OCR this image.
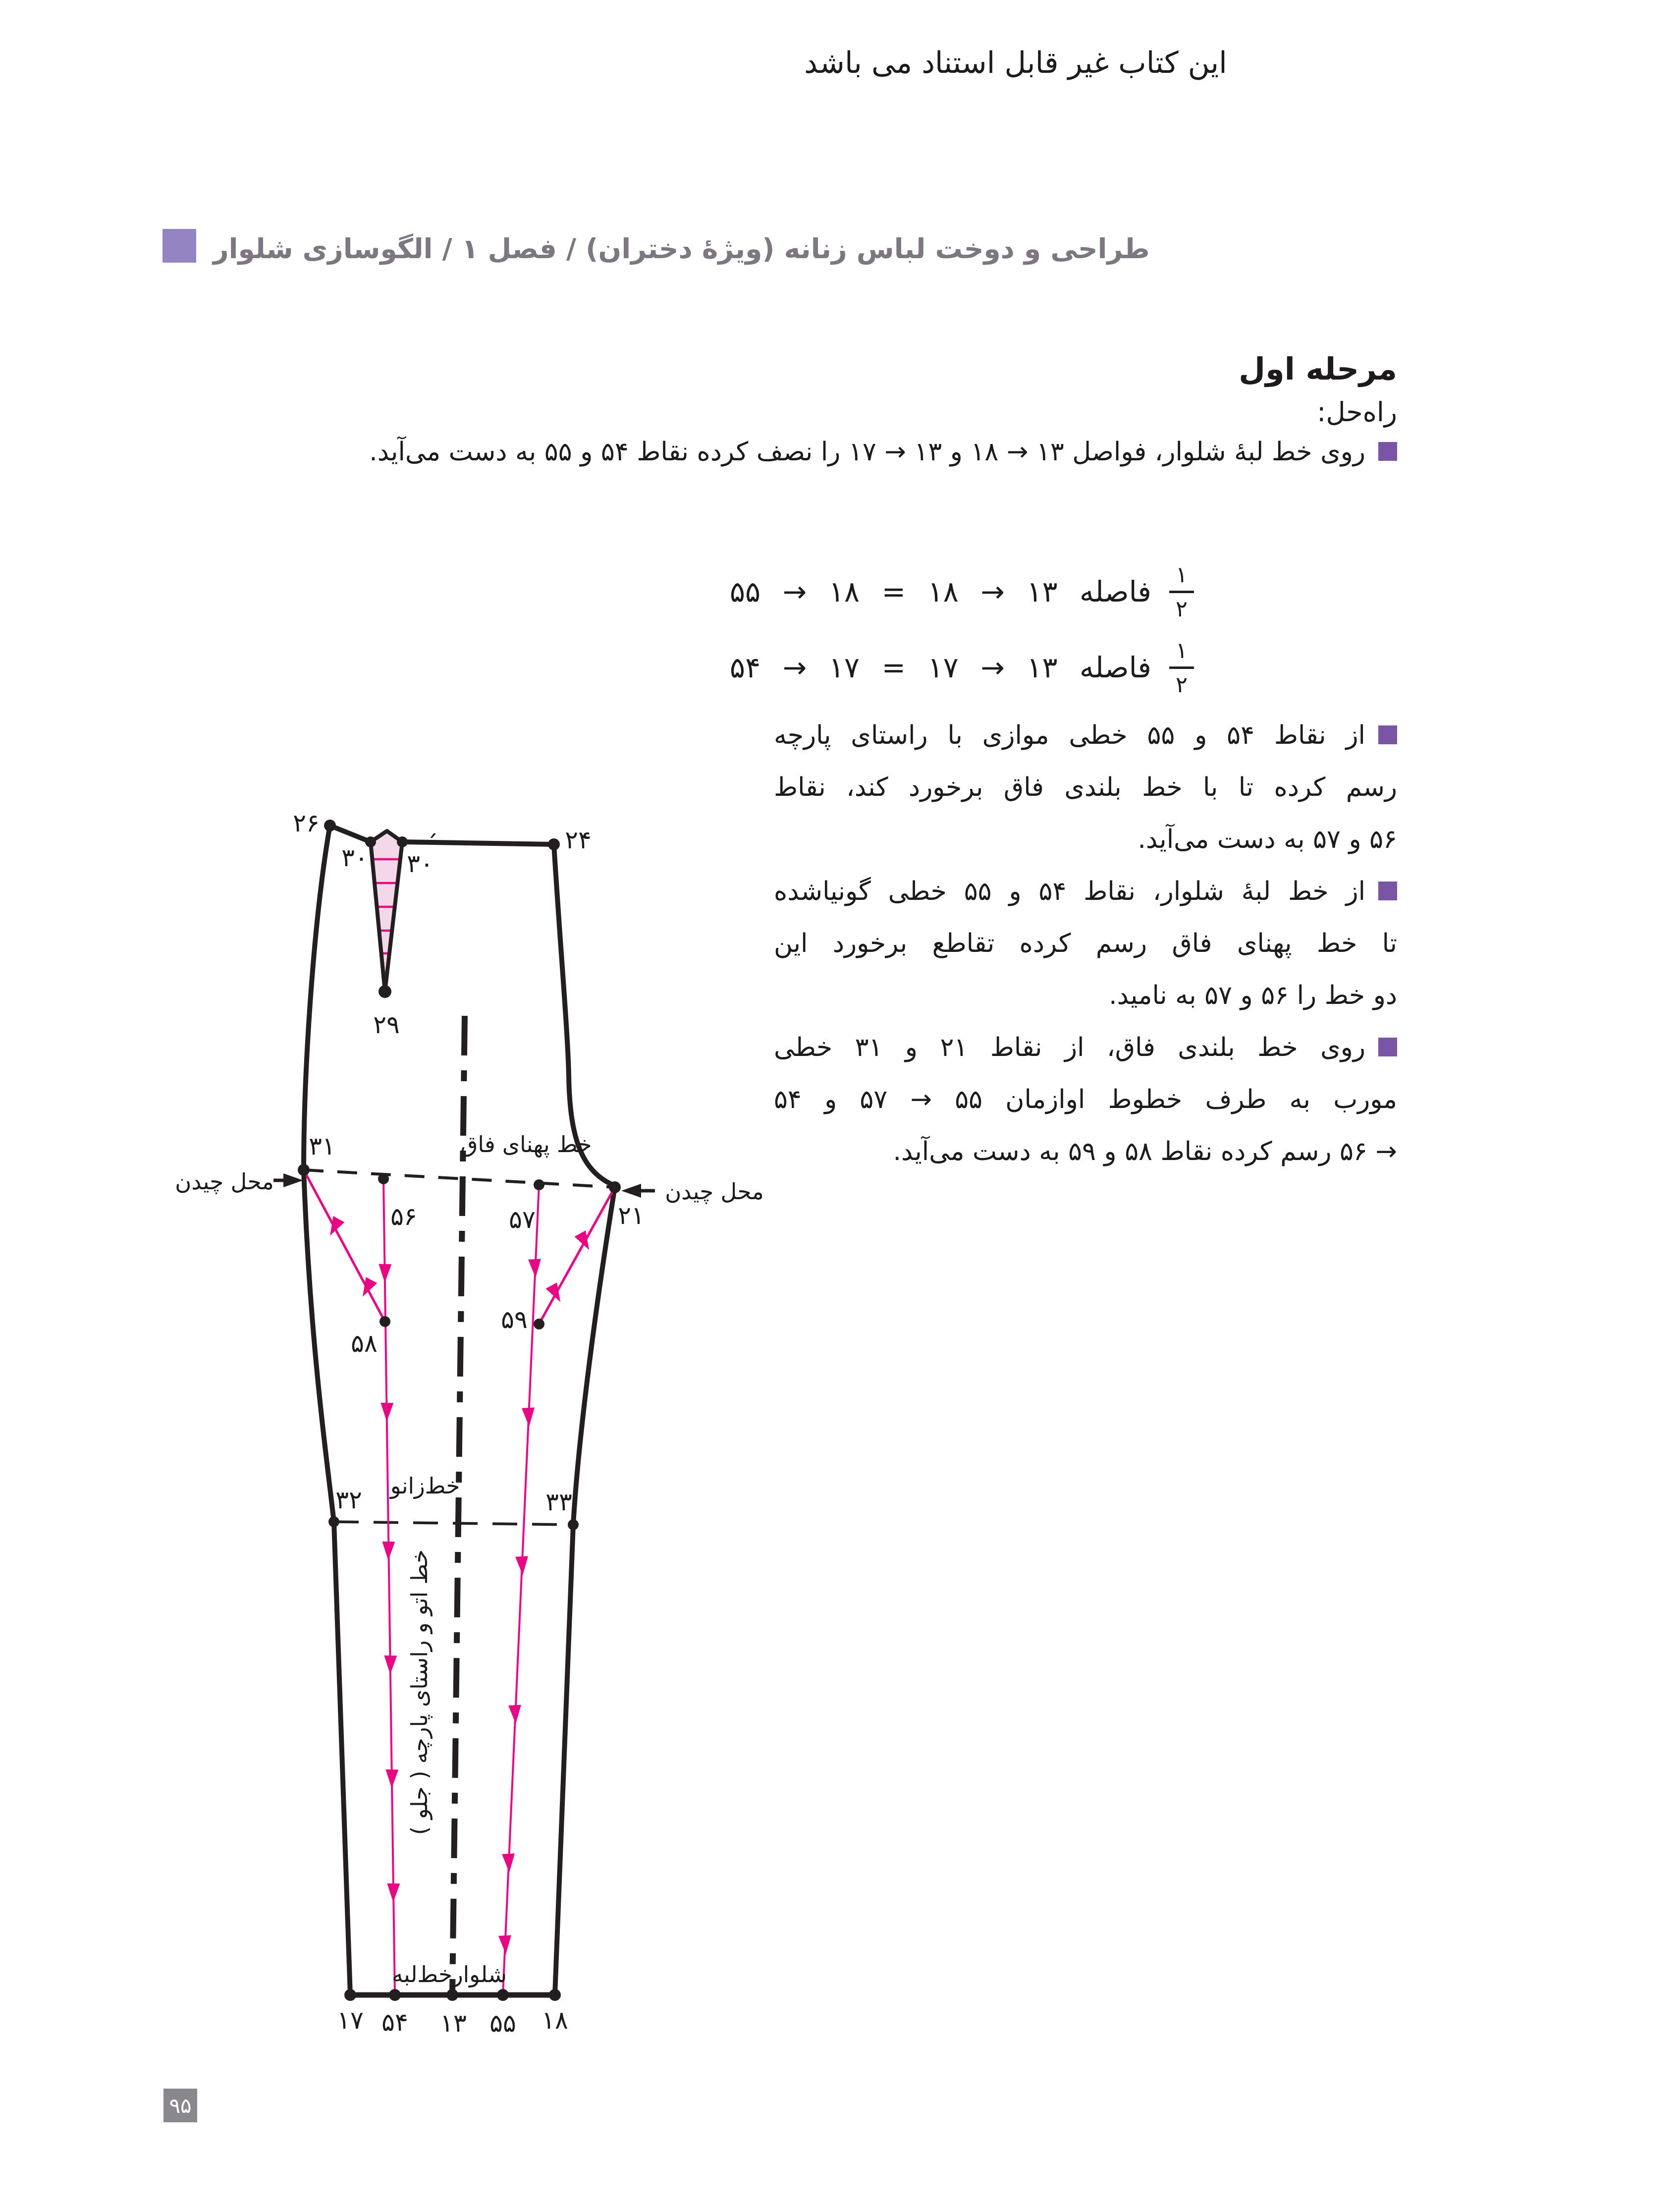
این کتاب غیر قابل استناد می باشد
طراحی و دوخت لباس زنانه (ویژهٔ دختران) / فصل ۱ / الگوسازی شلوار
مرحله اول
راه‌حل:
روی خط لبهٔ شلوار، فواصل ۱۳ → ۱۸ و ۱۳ → ۱۷ را نصف کرده نقاط ۵۴ و ۵۵ به دست می‌آید.
۱
۲
فاصله ۱۳ → ۱۸ = ۱۸ → ۵۵
۱
۲
فاصله ۱۳ → ۱۷ = ۱۷ → ۵۴
از نقاط ۵۴ و ۵۵ خطی موازی با راستای پارچه
رسم کرده تا با خط بلندی فاق برخورد کند، نقاط
۵۶ و ۵۷ به دست می‌آید.
از خط لبهٔ شلوار، نقاط ۵۴ و ۵۵ خطی گونیاشده
تا خط پهنای فاق رسم کرده تقاطع برخورد این
دو خط را ۵۶ و ۵۷ به نامید.
روی خط بلندی فاق، از نقاط ۲۱ و ۳۱ خطی
مورب به طرف خطوط اوازمان ۵۵ → ۵۷ و ۵۴
→ ۵۶ رسم کرده نقاط ۵۸ و ۵۹ به دست می‌آید.
۲۶
۲۴
۳۰ ۳۰
´
۲۹
۳۱
۲۱
۵۶	۵۷
۵۸
۵۹
۳۲	۳۳
۱۷ ۵۴ ۱۳ ۵۵ ۱۸
محل چیدن	محل چیدن
خط پهنای فاق
خط‌زانو
خط اتو و راستای پارچه ( جلو )
خط‌لبه شلوار
۹۵
